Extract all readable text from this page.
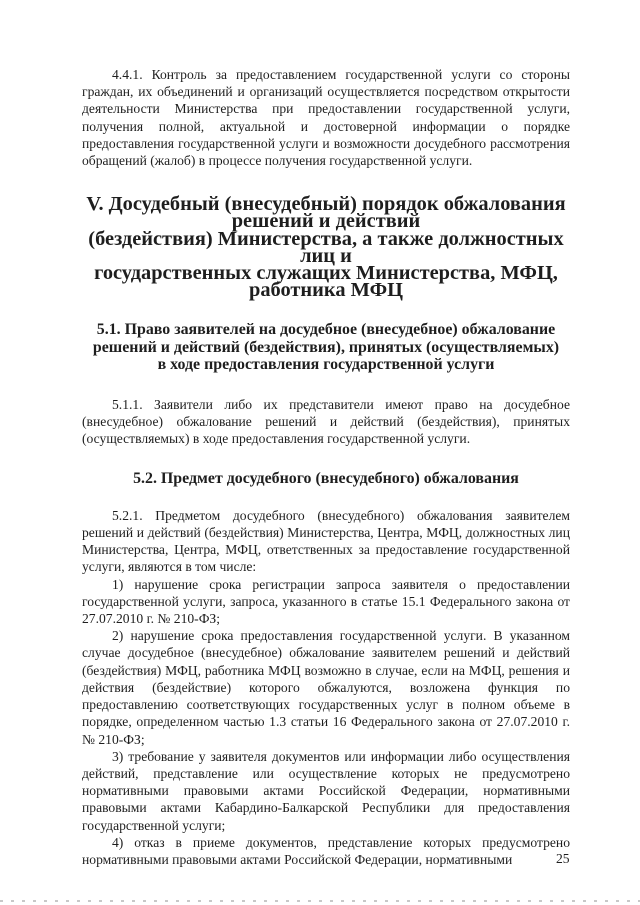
4.4.1. Контроль за предоставлением государственной услуги со стороны граждан, их объединений и организаций осуществляется посредством открытости деятельности Министерства при предоставлении государственной услуги, получения полной, актуальной и достоверной информации о порядке предоставления государственной услуги и возможности досудебного рассмотрения обращений (жалоб) в процессе получения государственной услуги.

V. Досудебный (внесудебный) порядок обжалования решений и действий
(бездействия) Министерства, а также должностных лиц и
государственных служащих Министерства, МФЦ, работника МФЦ
5.1. Право заявителей на досудебное (внесудебное) обжалование
решений и действий (бездействия), принятых (осуществляемых)
в ходе предоставления государственной услуги

5.1.1. Заявители либо их представители имеют право на досудебное (внесудебное) обжалование решений и действий (бездействия), принятых (осуществляемых) в ходе предоставления государственной услуги.

5.2. Предмет досудебного (внесудебного) обжалования

5.2.1. Предметом досудебного (внесудебного) обжалования заявителем решений и действий (бездействия) Министерства, Центра, МФЦ, должностных лиц Министерства, Центра, МФЦ, ответственных за предоставление государственной услуги, являются в том числе:

1) нарушение срока регистрации запроса заявителя о предоставлении государственной услуги, запроса, указанного в статье 15.1 Федерального закона от 27.07.2010 г. № 210-ФЗ;

2) нарушение срока предоставления государственной услуги. В указанном случае досудебное (внесудебное) обжалование заявителем решений и действий (бездействия) МФЦ, работника МФЦ возможно в случае, если на МФЦ, решения и действия (бездействие) которого обжалуются, возложена функция по предоставлению соответствующих государственных услуг в полном объеме в порядке, определенном частью 1.3 статьи 16 Федерального закона от 27.07.2010 г. № 210-ФЗ;

3) требование у заявителя документов или информации либо осуществления действий, представление или осуществление которых не предусмотрено нормативными правовыми актами Российской Федерации, нормативными правовыми актами Кабардино-Балкарской Республики для предоставления государственной услуги;

4) отказ в приеме документов, представление которых предусмотрено нормативными правовыми актами Российской Федерации, нормативными	25
